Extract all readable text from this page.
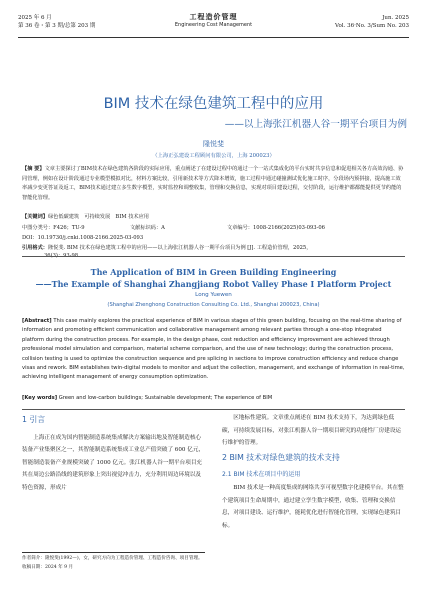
2025 年 6 月
第 36 卷・第 3 期/总第 203 期
工程造价管理
Engineering Cost Management
Jun. 2025
Vol. 36·No. 3/Sum No. 203
BIM 技术在绿色建筑工程中的应用
——以上海张江机器人谷一期平台项目为例
隆悦斐
（上海正弘建设工程顾问有限公司，上海 200023）
【摘 要】文章主要探讨了BIM技术在绿色建筑各阶段的实际应用，重点阐述了在建设过程中的通过一个一站式集成化的平台实时共享信息和促进相关各方高效沟通、协同管理，例如在设计阶段通过专业模型模拟对比，材料方案比较，引用新技术等方式降本增效，施工过程中通过碰撞测试优化施工时序，分段场内预拼接，提高施工效率减少变更答证及返工，BIM技术通过建立多生数字模型，实时监控和调整收集，管理和交换信息，实现对项目建设过程，交付阶段，运行维护都都能提供更节约能的智能化管理。
【关键词】绿色低碳建筑　可持续发展　BIM 技术应用
中图分类号：F426；TU-9	文献标识码：A	文章编号：1008-2166(2025)03-093-06
DOI：10.19730/j.cnki.1008-2166.2025-03-093
引用格式：隆悦斐. BIM 技术在绿色建筑工程中的应用——以上海张江机器人谷一期平台项目为例 [J]. 工程造价管理，2025，
36(3)：93-98.
The Application of BIM in Green Building Engineering
——The Example of Shanghai Zhangjiang Robot Valley Phase I Platform Project
Long Yuewen
(Shanghai Zhenghong Construction Consulting Co. Ltd., Shanghai 200023, China)
[Abstract] This case mainly explores the practical experience of BIM in various stages of this green building, focusing on the real-time sharing of information and promoting efficient communication and collaborative management among relevant parties through a one-stop integrated platform during the construction process. For example, in the design phase, cost reduction and efficiency improvement are achieved through professional model simulation and comparison, material scheme comparison, and the use of new technology; during the construction process, collision testing is used to optimize the construction sequence and pre splicing in sections to improve construction efficiency and reduce change visas and rework. BIM establishes twin-digital models to monitor and adjust the collection, management, and exchange of information in real-time, achieving intelligent management of energy consumption optimization.
[Key words] Green and low-carbon buildings; Sustainable development; The experience of BIM
1 引言

上海正在成为国内智能制造系统集成解决方案输出地及智能制造核心装备产业集聚区之一，其智能制造系统集成工业总产值突破了 600 亿元，智能制造装备产业规模突破了 1000 亿元。张江机器人谷一期平台项目充其在周边公路沿线的建筑形象上突出视觉冲击力，充分利用周边环境以及特色资源，形成片

区地标性建筑。文章重点阐述在 BIM 技术支持下，为达到绿色低碳，可持续发展目标，对张江机器人谷一期项目研究的功能性厂房建设运行维护的管理。

2 BIM 技术对绿色建筑的技术支持
2.1 BIM 技术在项目中的运用

BIM 技术是一种高度集成的网络共享可视型数字化建模平台。其在整个建筑项目生命周期中，通过建立孪生数字模型，收集、管理和交换信息，对项目建设、运行维护，能耗优化进行智能化管理，实现绿色建筑目标。

作者简介：隆悦斐(1992—)，女，研究方向为工程造价管理、工程造价咨询、项目管理。
收稿日期：2024 年 9 月
